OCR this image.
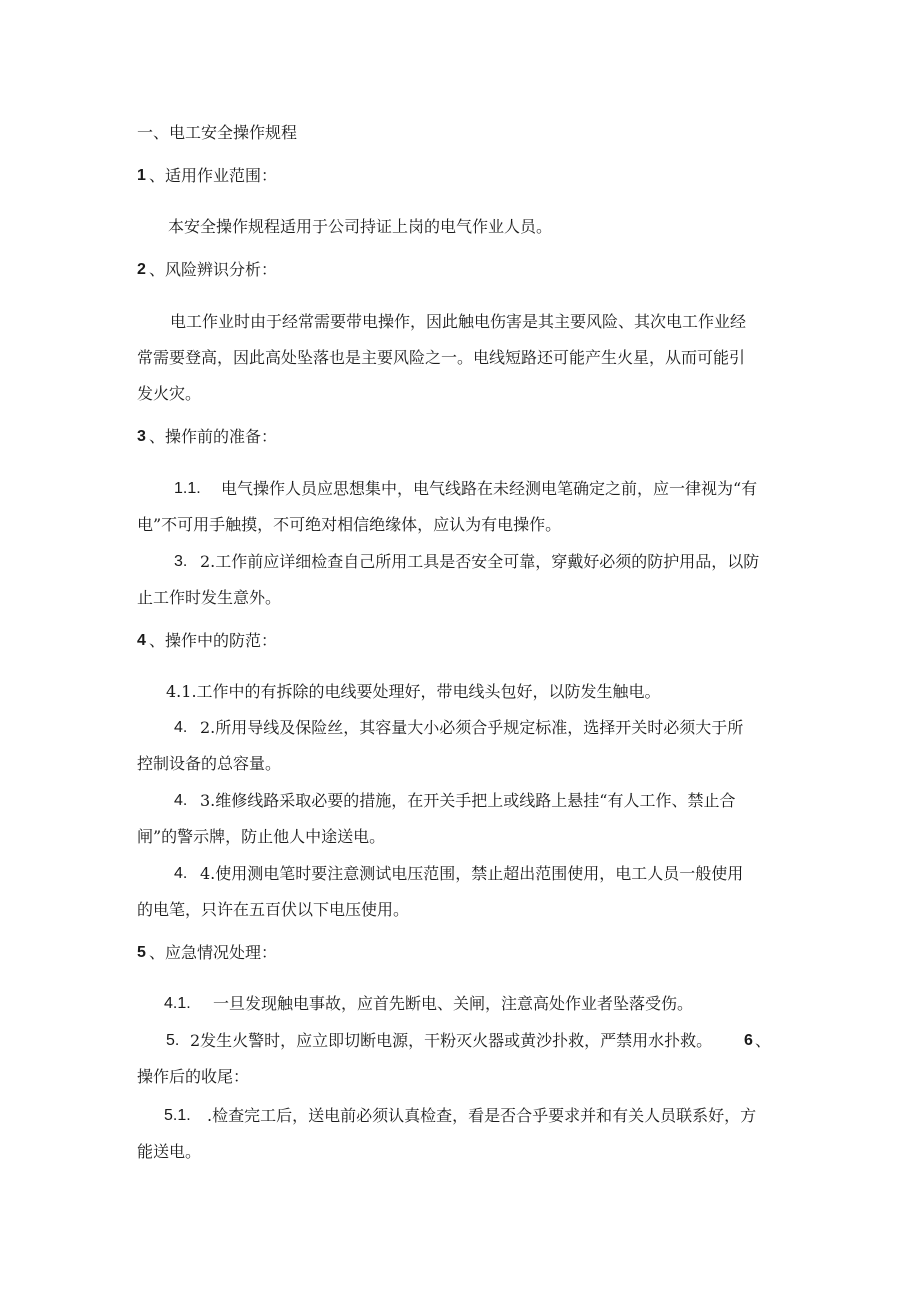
一、电工安全操作规程
1 、适用作业范围：
本安全操作规程适用于公司持证上岗的电气作业人员。
2 、风险辨识分析：
电工作业时由于经常需要带电操作，因此触电伤害是其主要风险、其次电工作业经
常需要登高，因此高处坠落也是主要风险之一。电线短路还可能产生火星，从而可能引
发火灾。
3 、操作前的准备：
1.1. 电气操作人员应思想集中，电气线路在未经测电笔确定之前，应一律视为“有
电”不可用手触摸，不可绝对相信绝缘体，应认为有电操作。
3. 2.工作前应详细检查自己所用工具是否安全可靠，穿戴好必须的防护用品，以防
止工作时发生意外。
4 、操作中的防范：
4.1.工作中的有拆除的电线要处理好，带电线头包好，以防发生触电。
4. 2.所用导线及保险丝，其容量大小必须合乎规定标准，选择开关时必须大于所
控制设备的总容量。
4. 3.维修线路采取必要的措施，在开关手把上或线路上悬挂“有人工作、禁止合
闸”的警示牌，防止他人中途送电。
4. 4.使用测电笔时要注意测试电压范围，禁止超出范围使用，电工人员一般使用
的电笔，只许在五百伏以下电压使用。
5 、应急情况处理：
4.1. 一旦发现触电事故，应首先断电、关闸，注意高处作业者坠落受伤。
5. 2发生火警时，应立即切断电源，干粉灭火器或黄沙扑救，严禁用水扑救。 6 、
操作后的收尾：
5.1. .检查完工后，送电前必须认真检查，看是否合乎要求并和有关人员联系好，方
能送电。
